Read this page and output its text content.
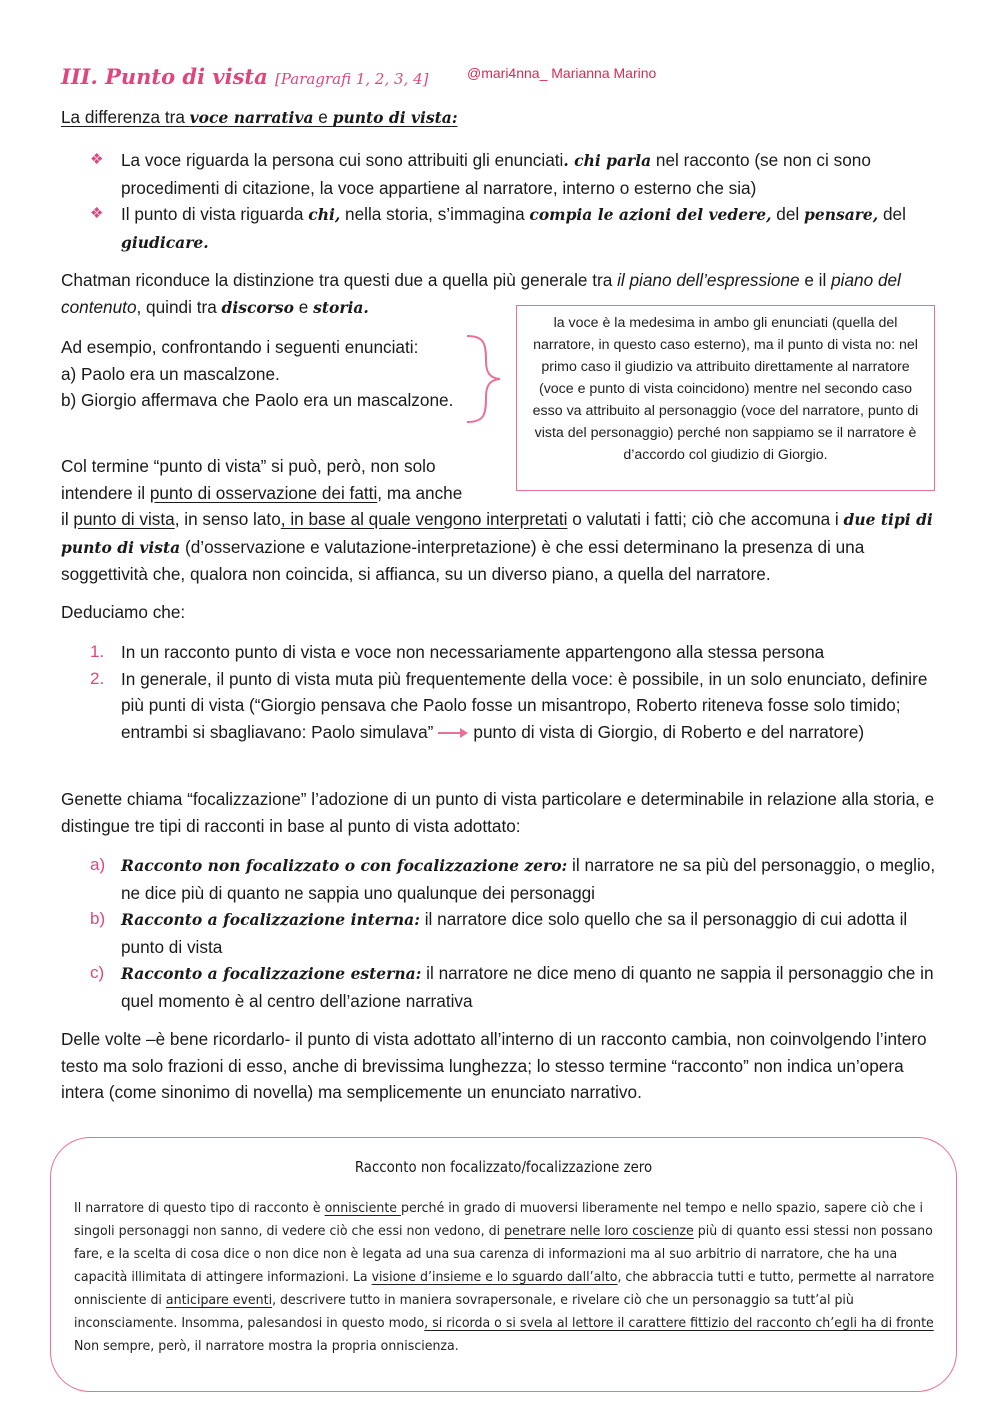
III. Punto di vista [Paragrafi 1, 2, 3, 4]	@mari4nna_ Marianna Marino
La differenza tra voce narrativa e punto di vista:
❖ La voce riguarda la persona cui sono attribuiti gli enunciati. chi parla nel racconto (se non ci sono procedimenti di citazione, la voce appartiene al narratore, interno o esterno che sia)
❖ Il punto di vista riguarda chi, nella storia, s’immagina compia le azioni del vedere, del pensare, del giudicare.
Chatman riconduce la distinzione tra questi due a quella più generale tra il piano dell’espressione e il piano del contenuto, quindi tra discorso e storia.
Ad esempio, confrontando i seguenti enunciati:
a) Paolo era un mascalzone.
b) Giorgio affermava che Paolo era un mascalzone.
la voce è la medesima in ambo gli enunciati (quella del narratore, in questo caso esterno), ma il punto di vista no: nel primo caso il giudizio va attribuito direttamente al narratore (voce e punto di vista coincidono) mentre nel secondo caso esso va attribuito al personaggio (voce del narratore, punto di vista del personaggio) perché non sappiamo se il narratore è d’accordo col giudizio di Giorgio.
Col termine “punto di vista” si può, però, non solo
intendere il punto di osservazione dei fatti, ma anche
il punto di vista, in senso lato, in base al quale vengono interpretati o valutati i fatti; ciò che accomuna i due tipi di punto di vista (d’osservazione e valutazione-interpretazione) è che essi determinano la presenza di una soggettività che, qualora non coincida, si affianca, su un diverso piano, a quella del narratore.
Deduciamo che:
1. In un racconto punto di vista e voce non necessariamente appartengono alla stessa persona
2. In generale, il punto di vista muta più frequentemente della voce: è possibile, in un solo enunciato, definire più punti di vista (“Giorgio pensava che Paolo fosse un misantropo, Roberto riteneva fosse solo timido; entrambi si sbagliavano: Paolo simulava” punto di vista di Giorgio, di Roberto e del narratore)
Genette chiama “focalizzazione” l’adozione di un punto di vista particolare e determinabile in relazione alla storia, e distingue tre tipi di racconti in base al punto di vista adottato:
a) Racconto non focalizzato o con focalizzazione zero: il narratore ne sa più del personaggio, o meglio, ne dice più di quanto ne sappia uno qualunque dei personaggi
b) Racconto a focalizzazione interna: il narratore dice solo quello che sa il personaggio di cui adotta il punto di vista
c) Racconto a focalizzazione esterna: il narratore ne dice meno di quanto ne sappia il personaggio che in quel momento è al centro dell’azione narrativa
Delle volte –è bene ricordarlo- il punto di vista adottato all’interno di un racconto cambia, non coinvolgendo l’intero testo ma solo frazioni di esso, anche di brevissima lunghezza; lo stesso termine “racconto” non indica un’opera intera (come sinonimo di novella) ma semplicemente un enunciato narrativo.
Racconto non focalizzato/focalizzazione zero
Il narratore di questo tipo di racconto è onnisciente perché in grado di muoversi liberamente nel tempo e nello spazio, sapere ciò che i singoli personaggi non sanno, di vedere ciò che essi non vedono, di penetrare nelle loro coscienze più di quanto essi stessi non possano fare, e la scelta di cosa dice o non dice non è legata ad una sua carenza di informazioni ma al suo arbitrio di narratore, che ha una capacità illimitata di attingere informazioni. La visione d’insieme e lo sguardo dall’alto, che abbraccia tutti e tutto, permette al narratore onnisciente di anticipare eventi, descrivere tutto in maniera sovrapersonale, e rivelare ciò che un personaggio sa tutt’al più inconsciamente. Insomma, palesandosi in questo modo, si ricorda o si svela al lettore il carattere fittizio del racconto ch’egli ha di fronte Non sempre, però, il narratore mostra la propria onniscienza.
